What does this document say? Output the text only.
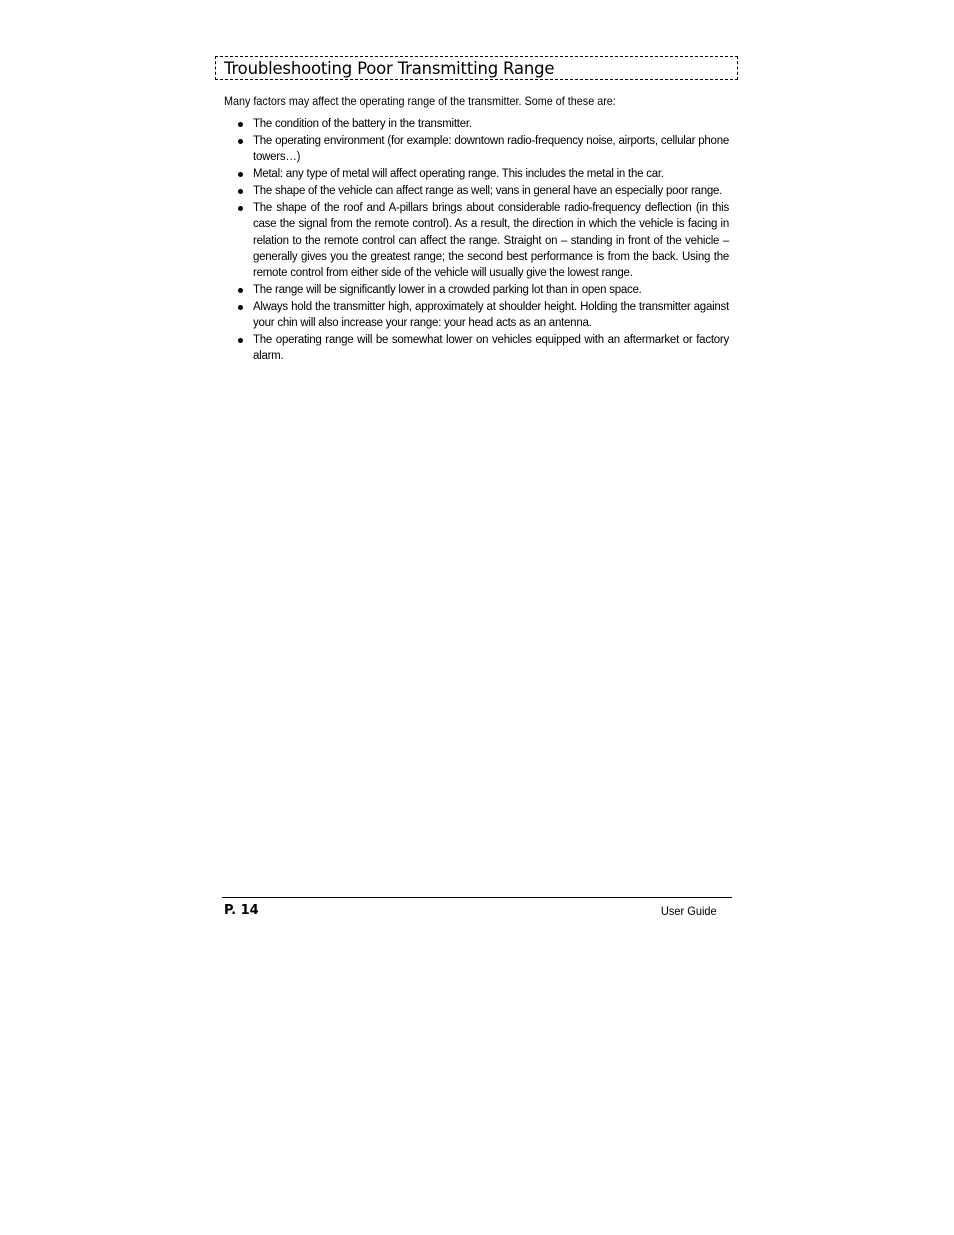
Troubleshooting Poor Transmitting Range

Many factors may affect the operating range of the transmitter. Some of these are:

The condition of the battery in the transmitter.
The operating environment (for example: downtown radio-frequency noise, airports, cellular phone towers…)
Metal: any type of metal will affect operating range. This includes the metal in the car.
The shape of the vehicle can affect range as well; vans in general have an especially poor range.
The shape of the roof and A-pillars brings about considerable radio-frequency deflection (in this case the signal from the remote control). As a result, the direction in which the vehicle is facing in relation to the remote control can affect the range. Straight on – standing in front of the vehicle – generally gives you the greatest range; the second best performance is from the back. Using the remote control from either side of the vehicle will usually give the lowest range.
The range will be significantly lower in a crowded parking lot than in open space.
Always hold the transmitter high, approximately at shoulder height. Holding the transmitter against your chin will also increase your range: your head acts as an antenna.
The operating range will be somewhat lower on vehicles equipped with an aftermarket or factory alarm.
P. 14	User Guide
